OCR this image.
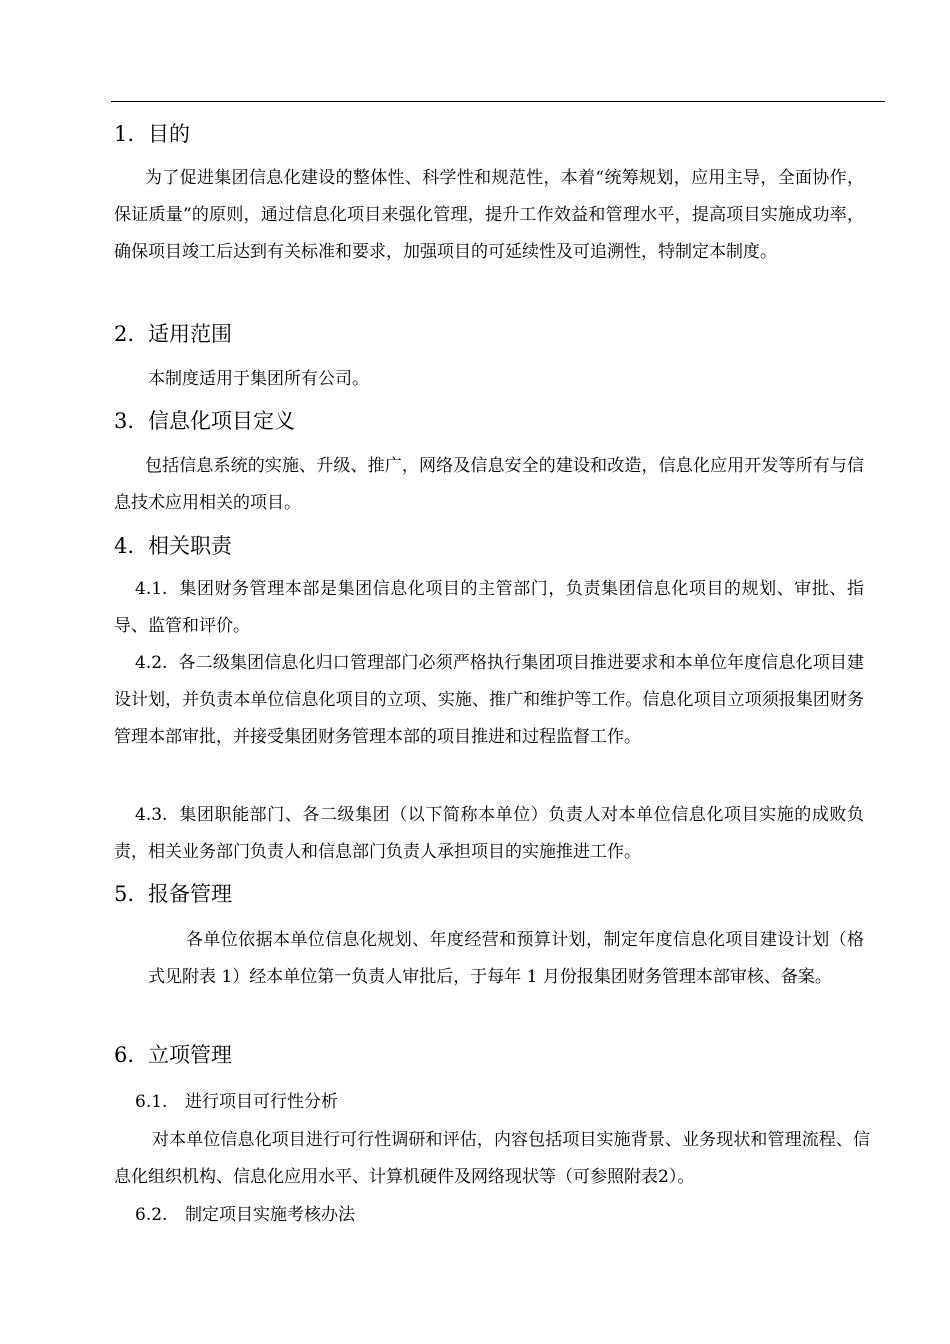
1. 目的

为了促进集团信息化建设的整体性、科学性和规范性，本着“统筹规划，应用主导，全面协作，保证质量”的原则，通过信息化项目来强化管理，提升工作效益和管理水平，提高项目实施成功率，确保项目竣工后达到有关标准和要求，加强项目的可延续性及可追溯性，特制定本制度。

2. 适用范围

本制度适用于集团所有公司。

3. 信息化项目定义

包括信息系统的实施、升级、推广，网络及信息安全的建设和改造，信息化应用开发等所有与信息技术应用相关的项目。

4. 相关职责

4.1. 集团财务管理本部是集团信息化项目的主管部门，负责集团信息化项目的规划、审批、指导、监管和评价。

4.2. 各二级集团信息化归口管理部门必须严格执行集团项目推进要求和本单位年度信息化项目建设计划，并负责本单位信息化项目的立项、实施、推广和维护等工作。信息化项目立项须报集团财务管理本部审批，并接受集团财务管理本部的项目推进和过程监督工作。

4.3. 集团职能部门、各二级集团（以下简称本单位）负责人对本单位信息化项目实施的成败负责，相关业务部门负责人和信息部门负责人承担项目的实施推进工作。

5. 报备管理

各单位依据本单位信息化规划、年度经营和预算计划，制定年度信息化项目建设计划（格式见附表 1）经本单位第一负责人审批后，于每年 1 月份报集团财务管理本部审核、备案。

6. 立项管理
6.1. 进行项目可行性分析

对本单位信息化项目进行可行性调研和评估，内容包括项目实施背景、业务现状和管理流程、信息化组织机构、信息化应用水平、计算机硬件及网络现状等（可参照附表2）。

6.2. 制定项目实施考核办法
